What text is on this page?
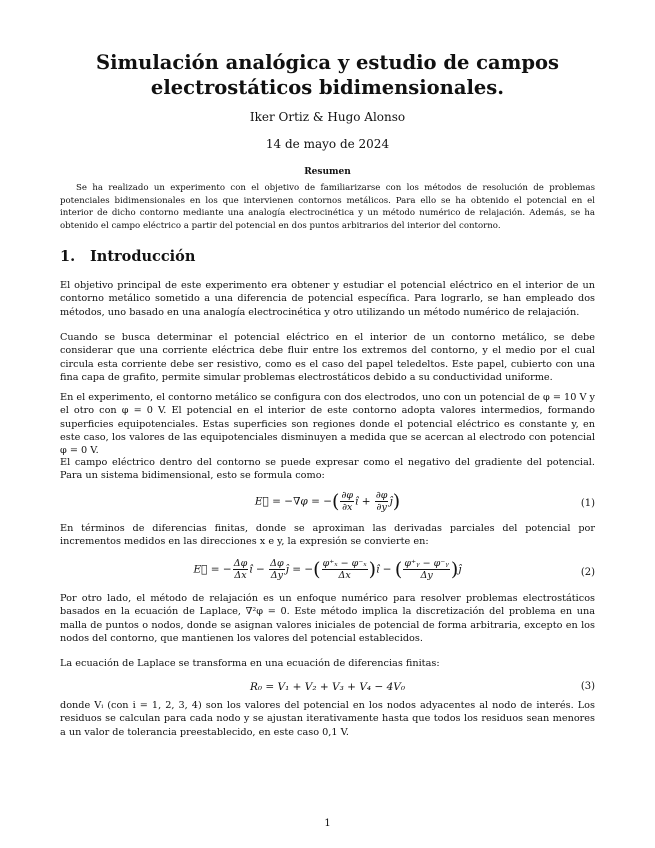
Simulación analógica y estudio de campos electrostáticos bidimensionales.
Iker Ortiz & Hugo Alonso
14 de mayo de 2024
Resumen
Se ha realizado un experimento con el objetivo de familiarizarse con los métodos de resolución de problemas potenciales bidimensionales en los que intervienen contornos metálicos. Para ello se ha obtenido el potencial en el interior de dicho contorno mediante una analogía electrocinética y un método numérico de relajación. Además, se ha obtenido el campo eléctrico a partir del potencial en dos puntos arbitrarios del interior del contorno.
1. Introducción
El objetivo principal de este experimento era obtener y estudiar el potencial eléctrico en el interior de un contorno metálico sometido a una diferencia de potencial específica. Para lograrlo, se han empleado dos métodos, uno basado en una analogía electrocinética y otro utilizando un método numérico de relajación.
Cuando se busca determinar el potencial eléctrico en el interior de un contorno metálico, se debe considerar que una corriente eléctrica debe fluir entre los extremos del contorno, y el medio por el cual circula esta corriente debe ser resistivo, como es el caso del papel teledeltos. Este papel, cubierto con una fina capa de grafito, permite simular problemas electrostáticos debido a su conductividad uniforme.
En el experimento, el contorno metálico se configura con dos electrodos, uno con un potencial de φ = 10 V y el otro con φ = 0 V. El potencial en el interior de este contorno adopta valores intermedios, formando superficies equipotenciales. Estas superficies son regiones donde el potencial eléctrico es constante y, en este caso, los valores de las equipotenciales disminuyen a medida que se acercan al electrodo con potencial φ = 0 V.
El campo eléctrico dentro del contorno se puede expresar como el negativo del gradiente del potencial. Para un sistema bidimensional, esto se formula como:
E⃗ = −∇φ = −( $\frac{\partial\varphi}{\partial x}$ î + $\frac{\partial\varphi}{\partial y}$ ĵ)	(1)
En términos de diferencias finitas, donde se aproximan las derivadas parciales del potencial por incrementos medidos en las direcciones x e y, la expresión se convierte en:
E⃗ = − $\frac{\Delta\varphi}{\Delta x}$ î − $\frac{\Delta\varphi}{\Delta y}$ ĵ = −( $\frac{\text{φ⁺ₓ − φ⁻ₓ}}{\Delta x}$ )î − ( $\frac{\text{φ⁺ᵧ − φ⁻ᵧ}}{\Delta y}$ )ĵ	(2)
Por otro lado, el método de relajación es un enfoque numérico para resolver problemas electrostáticos basados en la ecuación de Laplace, ∇²φ = 0. Este método implica la discretización del problema en una malla de puntos o nodos, donde se asignan valores iniciales de potencial de forma arbitraria, excepto en los nodos del contorno, que mantienen los valores del potencial establecidos.
La ecuación de Laplace se transforma en una ecuación de diferencias finitas:
R₀ = V₁ + V₂ + V₃ + V₄ − 4V₀	(3)
donde Vᵢ (con i = 1, 2, 3, 4) son los valores del potencial en los nodos adyacentes al nodo de interés. Los residuos se calculan para cada nodo y se ajustan iterativamente hasta que todos los residuos sean menores a un valor de tolerancia preestablecido, en este caso 0,1 V.
1
